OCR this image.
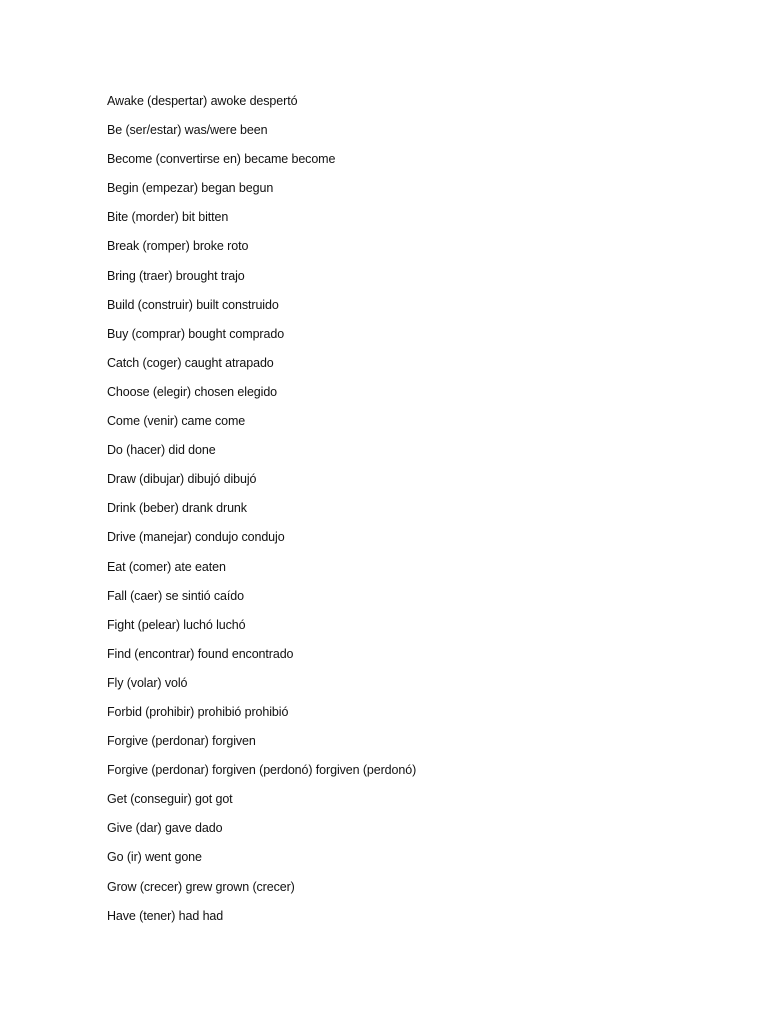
Awake (despertar) awoke despertó
Be (ser/estar) was/were been
Become (convertirse en) became become
Begin (empezar) began begun
Bite (morder) bit bitten
Break (romper) broke roto
Bring (traer) brought trajo
Build (construir) built construido
Buy (comprar) bought comprado
Catch (coger) caught atrapado
Choose (elegir) chosen elegido
Come (venir) came come
Do (hacer) did done
Draw (dibujar) dibujó dibujó
Drink (beber) drank drunk
Drive (manejar) condujo condujo
Eat (comer) ate eaten
Fall (caer) se sintió caído
Fight (pelear) luchó luchó
Find (encontrar) found encontrado
Fly (volar) voló
Forbid (prohibir) prohibió prohibió
Forgive (perdonar) forgiven
Forgive (perdonar) forgiven (perdonó) forgiven (perdonó)
Get (conseguir) got got
Give (dar) gave dado
Go (ir) went gone
Grow (crecer) grew grown (crecer)
Have (tener) had had
